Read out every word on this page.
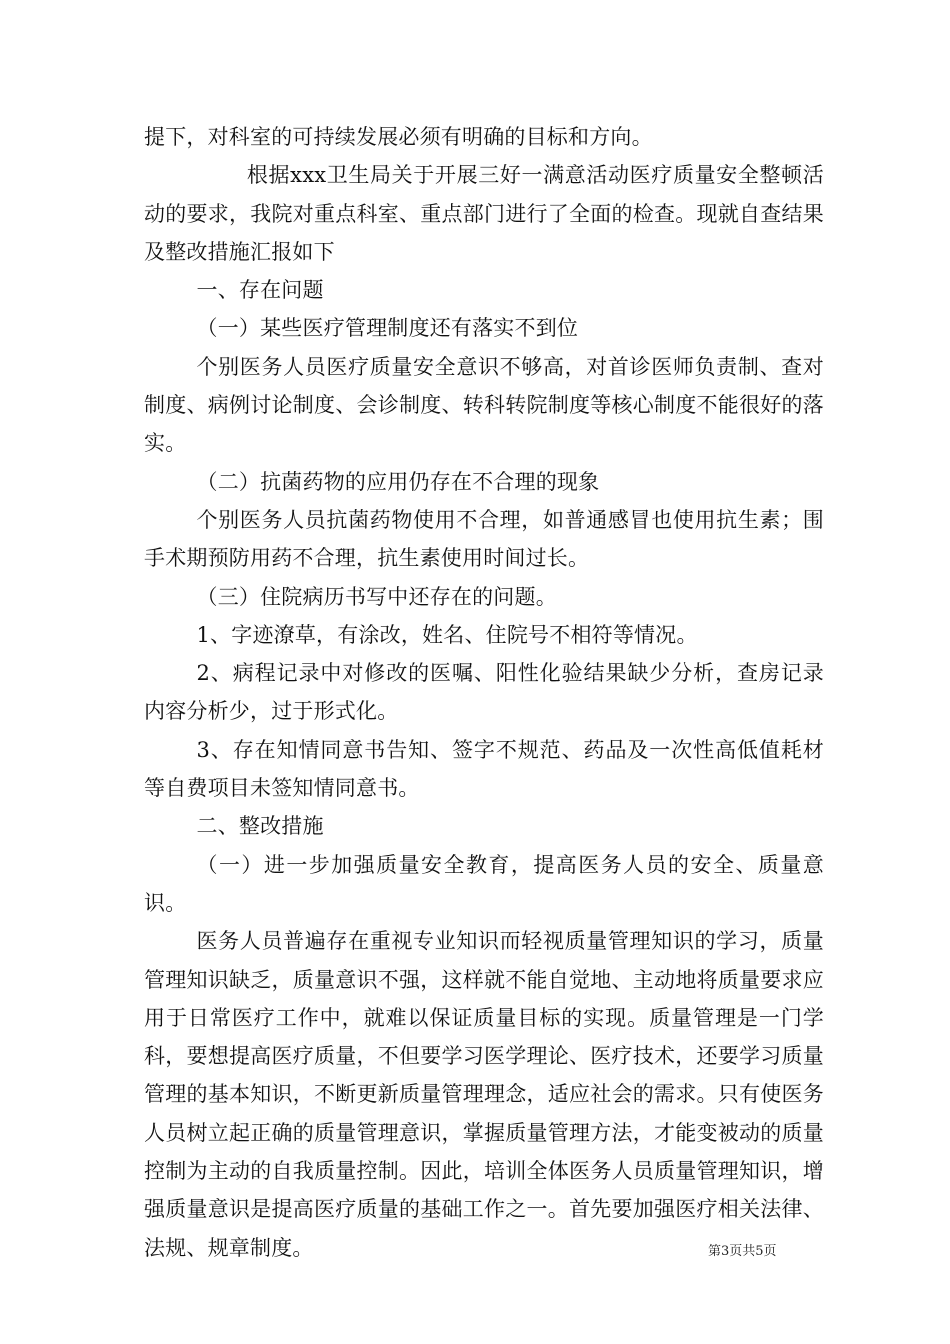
提下，对科室的可持续发展必须有明确的目标和方向。

根据xxx卫生局关于开展三好一满意活动医疗质量安全整顿活动的要求，我院对重点科室、重点部门进行了全面的检查。现就自查结果及整改措施汇报如下

一、存在问题

（一）某些医疗管理制度还有落实不到位

个别医务人员医疗质量安全意识不够高，对首诊医师负责制、查对制度、病例讨论制度、会诊制度、转科转院制度等核心制度不能很好的落实。

（二）抗菌药物的应用仍存在不合理的现象

个别医务人员抗菌药物使用不合理，如普通感冒也使用抗生素；围手术期预防用药不合理，抗生素使用时间过长。

（三）住院病历书写中还存在的问题。

1、字迹潦草，有涂改，姓名、住院号不相符等情况。

2、病程记录中对修改的医嘱、阳性化验结果缺少分析，查房记录内容分析少，过于形式化。

3、存在知情同意书告知、签字不规范、药品及一次性高低值耗材等自费项目未签知情同意书。

二、整改措施

（一）进一步加强质量安全教育，提高医务人员的安全、质量意识。

医务人员普遍存在重视专业知识而轻视质量管理知识的学习，质量管理知识缺乏，质量意识不强，这样就不能自觉地、主动地将质量要求应用于日常医疗工作中，就难以保证质量目标的实现。质量管理是一门学科，要想提高医疗质量，不但要学习医学理论、医疗技术，还要学习质量管理的基本知识，不断更新质量管理理念，适应社会的需求。只有使医务人员树立起正确的质量管理意识，掌握质量管理方法，才能变被动的质量控制为主动的自我质量控制。因此，培训全体医务人员质量管理知识，增强质量意识是提高医疗质量的基础工作之一。首先要加强医疗相关法律、法规、规章制度。	第3页共5页
